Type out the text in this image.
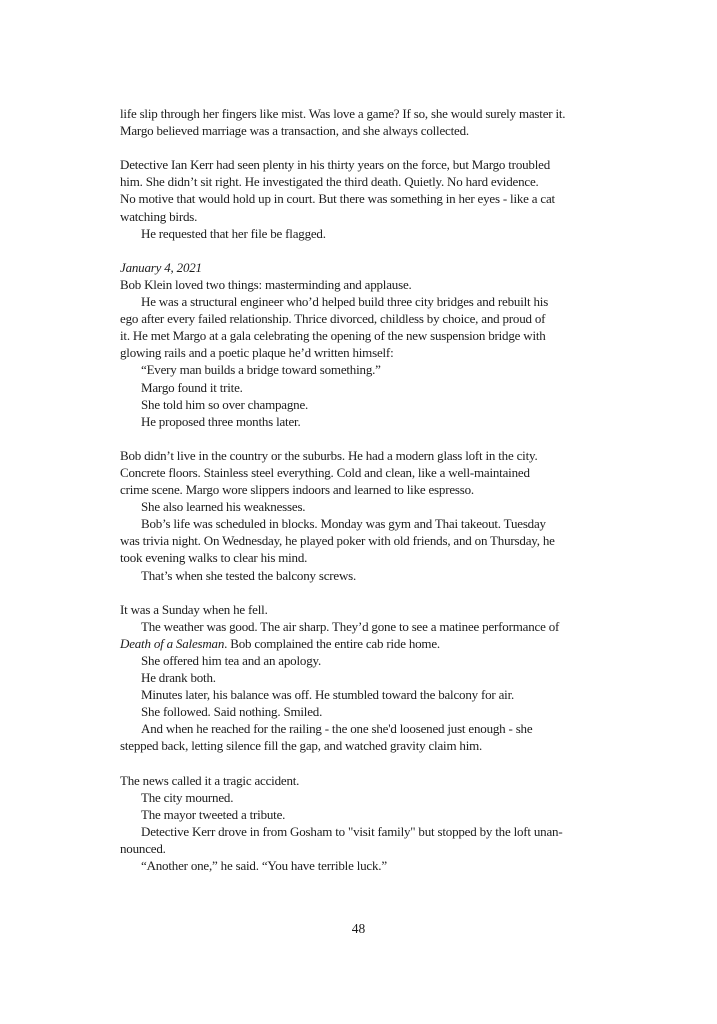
life slip through her fingers like mist. Was love a game? If so, she would surely master it.
Margo believed marriage was a transaction, and she always collected.
Detective Ian Kerr had seen plenty in his thirty years on the force, but Margo troubled
him. She didn’t sit right. He investigated the third death. Quietly. No hard evidence.
No motive that would hold up in court. But there was something in her eyes - like a cat
watching birds.
He requested that her file be flagged.
January 4, 2021
Bob Klein loved two things: masterminding and applause.
He was a structural engineer who’d helped build three city bridges and rebuilt his
ego after every failed relationship. Thrice divorced, childless by choice, and proud of
it. He met Margo at a gala celebrating the opening of the new suspension bridge with
glowing rails and a poetic plaque he’d written himself:
“Every man builds a bridge toward something.”
Margo found it trite.
She told him so over champagne.
He proposed three months later.
Bob didn’t live in the country or the suburbs. He had a modern glass loft in the city.
Concrete floors. Stainless steel everything. Cold and clean, like a well-maintained
crime scene. Margo wore slippers indoors and learned to like espresso.
She also learned his weaknesses.
Bob’s life was scheduled in blocks. Monday was gym and Thai takeout. Tuesday
was trivia night. On Wednesday, he played poker with old friends, and on Thursday, he
took evening walks to clear his mind.
That’s when she tested the balcony screws.
It was a Sunday when he fell.
The weather was good. The air sharp. They’d gone to see a matinee performance of
Death of a Salesman. Bob complained the entire cab ride home.
She offered him tea and an apology.
He drank both.
Minutes later, his balance was off. He stumbled toward the balcony for air.
She followed. Said nothing. Smiled.
And when he reached for the railing - the one she'd loosened just enough - she
stepped back, letting silence fill the gap, and watched gravity claim him.
The news called it a tragic accident.
The city mourned.
The mayor tweeted a tribute.
Detective Kerr drove in from Gosham to "visit family" but stopped by the loft unan-
nounced.
“Another one,” he said. “You have terrible luck.”
48
